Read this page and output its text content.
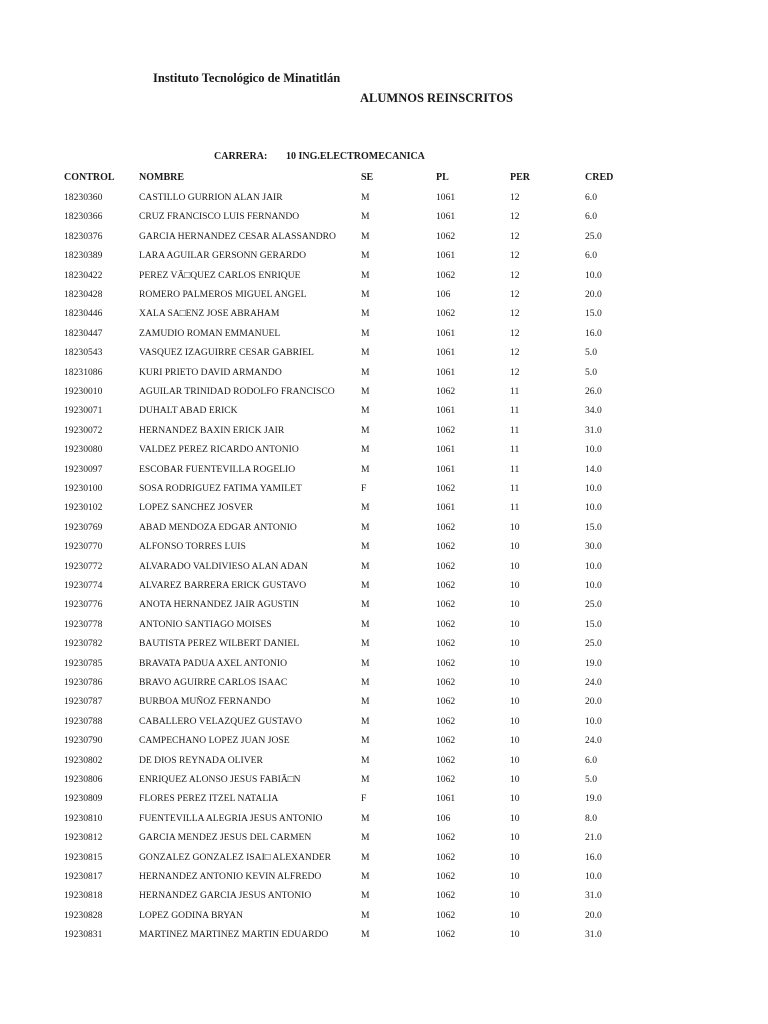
Instituto Tecnológico de Minatitlán
ALUMNOS REINSCRITOS
CARRERA: 10 ING.ELECTROMECANICA
CONTROL NOMBRE	SE	PL	PER	CRED
18230360	CASTILLO GURRION ALAN JAIR	M	1061	12	6.0
18230366	CRUZ FRANCISCO LUIS FERNANDO	M	1061	12	6.0
18230376	GARCIA HERNANDEZ CESAR ALASSANDRO	M	1062	12	25.0
18230389	LARA AGUILAR GERSONN GERARDO	M	1061	12	6.0
18230422	PEREZ VÃ□QUEZ CARLOS ENRIQUE	M	1062	12	10.0
18230428	ROMERO PALMEROS MIGUEL ANGEL	M	106	12	20.0
18230446	XALA SA□ENZ JOSE ABRAHAM	M	1062	12	15.0
18230447	ZAMUDIO ROMAN EMMANUEL	M	1061	12	16.0
18230543	VASQUEZ IZAGUIRRE CESAR GABRIEL	M	1061	12	5.0
18231086	KURI PRIETO DAVID ARMANDO	M	1061	12	5.0
19230010	AGUILAR TRINIDAD RODOLFO FRANCISCO	M	1062	11	26.0
19230071	DUHALT ABAD ERICK	M	1061	11	34.0
19230072	HERNANDEZ BAXIN ERICK JAIR	M	1062	11	31.0
19230080	VALDEZ PEREZ RICARDO ANTONIO	M	1061	11	10.0
19230097	ESCOBAR FUENTEVILLA ROGELIO	M	1061	11	14.0
19230100	SOSA RODRIGUEZ FATIMA YAMILET	F	1062	11	10.0
19230102	LOPEZ SANCHEZ JOSVER	M	1061	11	10.0
19230769	ABAD MENDOZA EDGAR ANTONIO	M	1062	10	15.0
19230770	ALFONSO TORRES LUIS	M	1062	10	30.0
19230772	ALVARADO VALDIVIESO ALAN ADAN	M	1062	10	10.0
19230774	ALVAREZ BARRERA ERICK GUSTAVO	M	1062	10	10.0
19230776	ANOTA HERNANDEZ JAIR AGUSTIN	M	1062	10	25.0
19230778	ANTONIO SANTIAGO MOISES	M	1062	10	15.0
19230782	BAUTISTA PEREZ WILBERT DANIEL	M	1062	10	25.0
19230785	BRAVATA PADUA AXEL ANTONIO	M	1062	10	19.0
19230786	BRAVO AGUIRRE CARLOS ISAAC	M	1062	10	24.0
19230787	BURBOA MUÑOZ FERNANDO	M	1062	10	20.0
19230788	CABALLERO VELAZQUEZ GUSTAVO	M	1062	10	10.0
19230790	CAMPECHANO LOPEZ JUAN JOSE	M	1062	10	24.0
19230802	DE DIOS REYNADA OLIVER	M	1062	10	6.0
19230806	ENRIQUEZ ALONSO JESUS FABIÃ□N	M	1062	10	5.0
19230809	FLORES PEREZ ITZEL NATALIA	F	1061	10	19.0
19230810	FUENTEVILLA ALEGRIA JESUS ANTONIO	M	106	10	8.0
19230812	GARCIA MENDEZ JESUS DEL CARMEN	M	1062	10	21.0
19230815	GONZALEZ GONZALEZ ISAI□ ALEXANDER	M	1062	10	16.0
19230817	HERNANDEZ ANTONIO KEVIN ALFREDO	M	1062	10	10.0
19230818	HERNANDEZ GARCIA JESUS ANTONIO	M	1062	10	31.0
19230828	LOPEZ GODINA BRYAN	M	1062	10	20.0
19230831	MARTINEZ MARTINEZ MARTIN EDUARDO	M	1062	10	31.0
